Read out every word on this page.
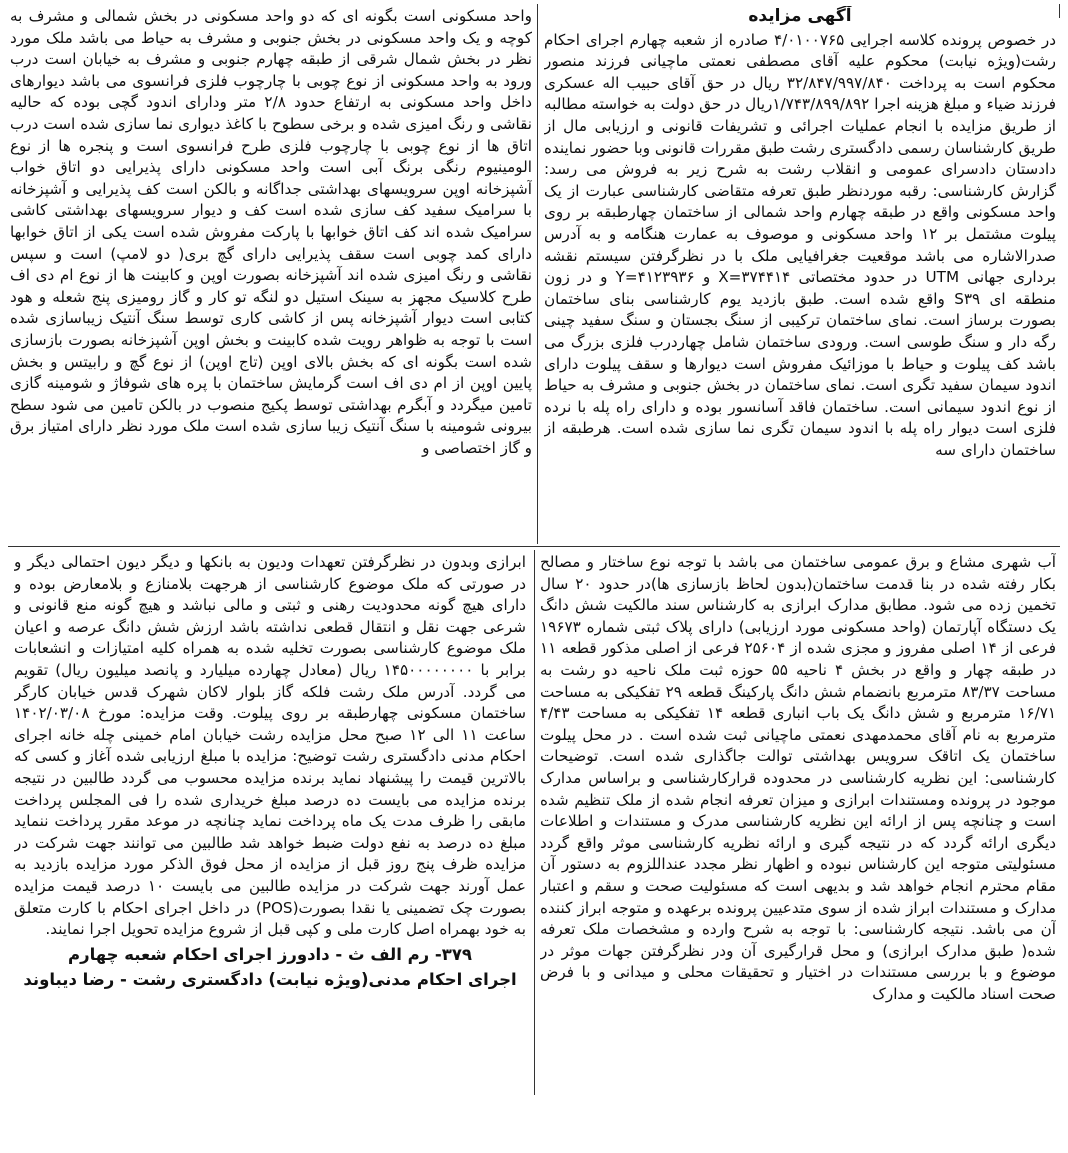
آگهی مزایده

در خصوص پرونده کلاسه اجرایی ۴/۰۱۰۰۷۶۵ صادره از شعبه چهارم اجرای احکام رشت(ویژه نیابت) محکوم علیه آقای مصطفی نعمتی ماچیانی فرزند منصور محکوم است به پرداخت ۳۲/۸۴۷/۹۹۷/۸۴۰ ریال در حق آقای حبیب اله عسکری فرزند ضیاء و مبلغ هزینه اجرا ۱/۷۴۳/۸۹۹/۸۹۲ریال در حق دولت به خواسته مطالبه از طریق مزایده با انجام عملیات اجرائی و تشریفات قانونی و ارزیابی مال از طریق کارشناسان رسمی دادگستری رشت طبق مقررات قانونی وبا حضور نماینده دادستان دادسرای عمومی و انقلاب رشت به شرح زیر به فروش می رسد: گزارش کارشناسی: رقبه موردنظر طبق تعرفه متقاضی کارشناسی عبارت از یک واحد مسکونی واقع در طبقه چهارم واحد شمالی از ساختمان چهارطبقه بر روی پیلوت مشتمل بر ۱۲ واحد مسکونی و موصوف به عمارت هنگامه و به آدرس صدرالاشاره می باشد موقعیت جغرافیایی ملک با در نظرگرفتن سیستم نقشه برداری جهانی UTM در حدود مختصاتی X=۳۷۴۴۱۴ و Y=۴۱۲۳۹۳۶ و در زون منطقه ای S۳۹ واقع شده است. طبق بازدید یوم کارشناسی بنای ساختمان بصورت برساز است. نمای ساختمان ترکیبی از سنگ بجستان و سنگ سفید چینی رگه دار و سنگ طوسی است. ورودی ساختمان شامل چهاردرب فلزی بزرگ می باشد کف پیلوت و حیاط با موزائیک مفروش است دیوارها و سقف پیلوت دارای اندود سیمان سفید تگری است. نمای ساختمان در بخش جنوبی و مشرف به حیاط از نوع اندود سیمانی است. ساختمان فاقد آسانسور بوده و دارای راه پله با نرده فلزی است دیوار راه پله با اندود سیمان تگری نما سازی شده است. هرطبقه از ساختمان دارای سه

واحد مسکونی است بگونه ای که دو واحد مسکونی در بخش شمالی و مشرف به کوچه و یک واحد مسکونی در بخش جنوبی و مشرف به حیاط می باشد ملک مورد نظر در بخش شمال شرقی از طبقه چهارم جنوبی و مشرف به خیابان است درب ورود به واحد مسکونی از نوع چوبی با چارچوب فلزی فرانسوی می باشد دیوارهای داخل واحد مسکونی به ارتفاع حدود ۲/۸ متر ودارای اندود گچی بوده که حالیه نقاشی و رنگ امیزی شده و برخی سطوح با کاغذ دیواری نما سازی شده است درب اتاق ها از نوع چوبی با چارچوب فلزی طرح فرانسوی است و پنجره ها از نوع الومینیوم رنگی برنگ آبی است واحد مسکونی دارای پذیرایی دو اتاق خواب آشپزخانه اوپن سرویسهای بهداشتی جداگانه و بالکن است کف پذیرایی و آشپزخانه با سرامیک سفید کف سازی شده است کف و دیوار سرویسهای بهداشتی کاشی سرامیک شده اند کف اتاق خوابها با پارکت مفروش شده است یکی از اتاق خوابها دارای کمد چوبی است سقف پذیرایی دارای گچ بری( دو لامپ) است و سپس نقاشی و رنگ امیزی شده اند آشپزخانه بصورت اوپن و کابینت ها از نوع ام دی اف طرح کلاسیک مجهز به سینک استیل دو لنگه تو کار و گاز رومیزی پنج شعله و هود کتابی است دیوار آشپزخانه پس از کاشی کاری توسط سنگ آنتیک زیباسازی شده است با توجه به ظواهر رویت شده کابینت و بخش اوپن آشپزخانه بصورت بازسازی شده است بگونه ای که بخش بالای اوپن (تاج اوپن) از نوع گچ و رابیتس و بخش پایین اوپن از ام دی اف است گرمایش ساختمان با پره های شوفاژ و شومینه گازی تامین میگردد و آبگرم بهداشتی توسط پکیج منصوب در بالکن تامین می شود سطح بیرونی شومینه با سنگ آنتیک زیبا سازی شده است ملک مورد نظر دارای امتیاز برق و گاز اختصاصی و

آب شهری مشاع و برق عمومی ساختمان می باشد با توجه نوع ساختار و مصالح بکار رفته شده در بنا قدمت ساختمان(بدون لحاظ بازسازی ها)در حدود ۲۰ سال تخمین زده می شود. مطابق مدارک ابرازی به کارشناس سند مالکیت شش دانگ یک دستگاه آپارتمان (واحد مسکونی مورد ارزیابی) دارای پلاک ثبتی شماره ۱۹۶۷۳ فرعی از ۱۴ اصلی مفروز و مجزی شده از ۲۵۶۰۴ فرعی از اصلی مذکور قطعه ۱۱ در طبقه چهار و واقع در بخش ۴ ناحیه ۵۵ حوزه ثبت ملک ناحیه دو رشت به مساحت ۸۳/۳۷ مترمربع بانضمام شش دانگ پارکینگ قطعه ۲۹ تفکیکی به مساحت ۱۶/۷۱ مترمربع و شش دانگ یک باب انباری قطعه ۱۴ تفکیکی به مساحت ۴/۴۳ مترمربع به نام آقای محمدمهدی نعمتی ماچیانی ثبت شده است . در محل پیلوت ساختمان یک اتاقک سرویس بهداشتی توالت جاگذاری شده است. توضیحات کارشناسی: این نظریه کارشناسی در محدوده قرارکارشناسی و براساس مدارک موجود در پرونده ومستندات ابرازی و میزان تعرفه انجام شده از ملک تنظیم شده است و چنانچه پس از ارائه این نظریه کارشناسی مدرک و مستندات و اطلاعات دیگری ارائه گردد که در نتیجه گیری و ارائه نظریه کارشناسی موثر واقع گردد مسئولیتی متوجه این کارشناس نبوده و اظهار نظر مجدد عنداللزوم به دستور آن مقام محترم انجام خواهد شد و بدیهی است که مسئولیت صحت و سقم و اعتبار مدارک و مستندات ابراز شده از سوی متدعیین پرونده برعهده و متوجه ابراز کننده آن می باشد. نتیجه کارشناسی: با توجه به شرح وارده و مشخصات ملک تعرفه شده( طبق مدارک ابرازی) و محل قرارگیری آن ودر نظرگرفتن جهات موثر در موضوع و با بررسی مستندات در اختیار و تحقیقات محلی و میدانی و با فرض صحت اسناد مالکیت و مدارک

ابرازی وبدون در نظرگرفتن تعهدات ودیون به بانکها و دیگر دیون احتمالی دیگر و در صورتی که ملک موضوع کارشناسی از هرجهت بلامنازع و بلامعارض بوده و دارای هیچ گونه محدودیت رهنی و ثبتی و مالی نباشد و هیچ گونه منع قانونی و شرعی جهت نقل و انتقال قطعی نداشته باشد ارزش شش دانگ عرصه و اعیان ملک موضوع کارشناسی بصورت تخلیه شده به همراه کلیه امتیازات و انشعابات برابر با ۱۴۵۰۰۰۰۰۰۰۰ ریال (معادل چهارده میلیارد و پانصد میلیون ریال) تقویم می گردد. آدرس ملک رشت فلکه گاز بلوار لاکان شهرک قدس خیابان کارگر ساختمان مسکونی چهارطبقه بر روی پیلوت. وقت مزایده: مورخ ۱۴۰۲/۰۳/۰۸ ساعت ۱۱ الی ۱۲ صبح محل مزایده رشت خیابان امام خمینی چله خانه اجرای احکام مدنی دادگستری رشت توضیح: مزایده با مبلغ ارزیابی شده آغاز و کسی که بالاترین قیمت را پیشنهاد نماید برنده مزایده محسوب می گردد طالبین در نتیجه برنده مزایده می بایست ده درصد مبلغ خریداری شده را فی المجلس پرداخت مابقی را ظرف مدت یک ماه پرداخت نماید چنانچه در موعد مقرر پرداخت ننماید مبلغ ده درصد به نفع دولت ضبط خواهد شد طالبین می توانند جهت شرکت در مزایده ظرف پنج روز قبل از مزایده از محل فوق الذکر مورد مزایده بازدید به عمل آورند جهت شرکت در مزایده طالبین می بایست ۱۰ درصد قیمت مزایده بصورت چک تضمینی یا نقدا بصورت(POS) در داخل اجرای احکام با کارت متعلق به خود بهمراه اصل کارت ملی و کپی قبل از شروع مزایده تحویل اجرا نمایند.

۳۷۹- رم الف ث - دادورز اجرای احکام شعبه چهارم
اجرای احکام مدنی(ویژه نیابت) دادگستری رشت - رضا دیباوند
